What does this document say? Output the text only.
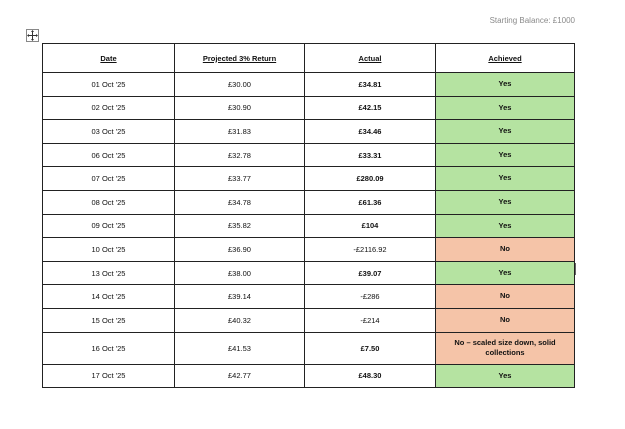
Starting Balance: £1000
Date	Projected 3% Return	Actual	Achieved
01 Oct '25	£30.00	£34.81	Yes
02 Oct '25	£30.90	£42.15	Yes
03 Oct '25	£31.83	£34.46	Yes
06 Oct '25	£32.78	£33.31	Yes
07 Oct '25	£33.77	£280.09	Yes
08 Oct '25	£34.78	£61.36	Yes
09 Oct '25	£35.82	£104	Yes
10 Oct '25	£36.90	-£2116.92	No
13 Oct '25	£38.00	£39.07	Yes
14 Oct '25	£39.14	-£286	No
15 Oct '25	£40.32	-£214	No
16 Oct '25	£41.53	£7.50	No – scaled size down, solid collections
17 Oct '25	£42.77	£48.30	Yes
